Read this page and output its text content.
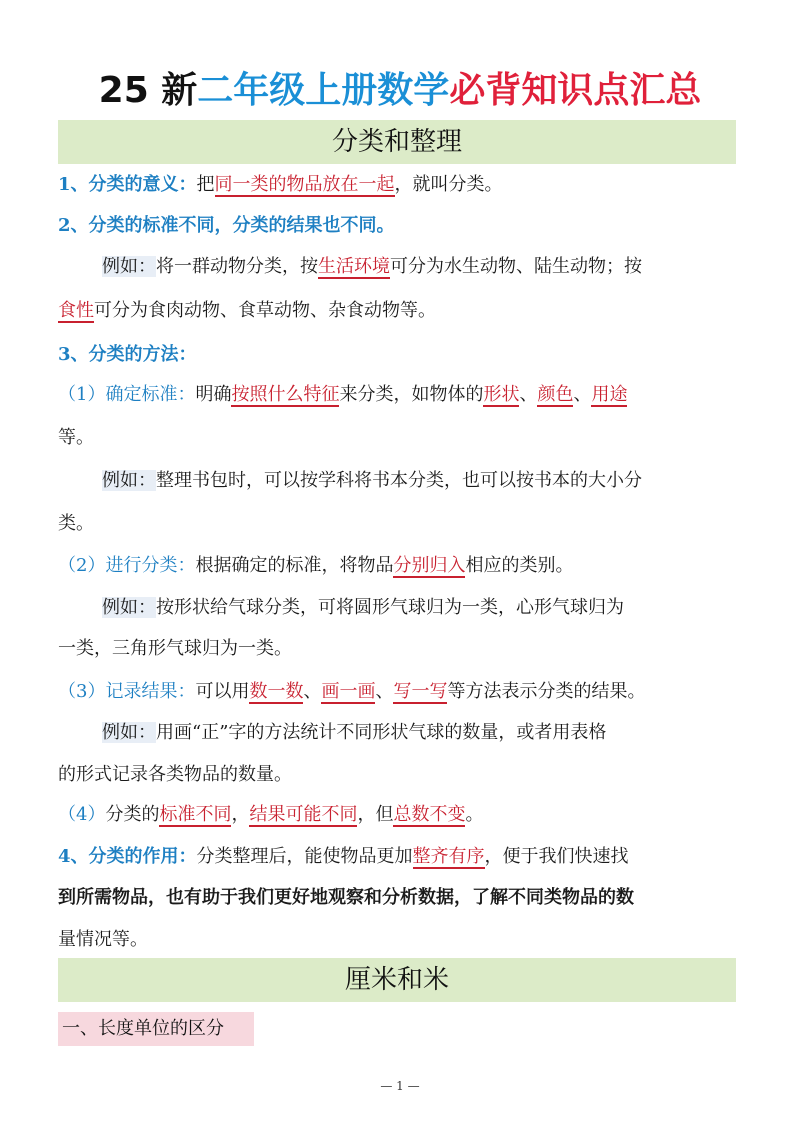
25 新二年级上册数学必背知识点汇总
分类和整理
1、分类的意义：把同一类的物品放在一起，就叫分类。
2、分类的标准不同，分类的结果也不同。
例如：将一群动物分类，按生活环境可分为水生动物、陆生动物；按
食性可分为食肉动物、食草动物、杂食动物等。
3、分类的方法：
（1）确定标准：明确按照什么特征来分类，如物体的形状、颜色、用途
等。
例如：整理书包时，可以按学科将书本分类，也可以按书本的大小分
类。
（2）进行分类：根据确定的标准，将物品分别归入相应的类别。
例如：按形状给气球分类，可将圆形气球归为一类，心形气球归为
一类，三角形气球归为一类。
（3）记录结果：可以用数一数、画一画、写一写等方法表示分类的结果。
例如：用画“正”字的方法统计不同形状气球的数量，或者用表格
的形式记录各类物品的数量。
（4）分类的标准不同，结果可能不同，但总数不变。
4、分类的作用：分类整理后，能使物品更加整齐有序，便于我们快速找
到所需物品，也有助于我们更好地观察和分析数据，了解不同类物品的数
量情况等。
厘米和米
一、长度单位的区分
— 1 —
